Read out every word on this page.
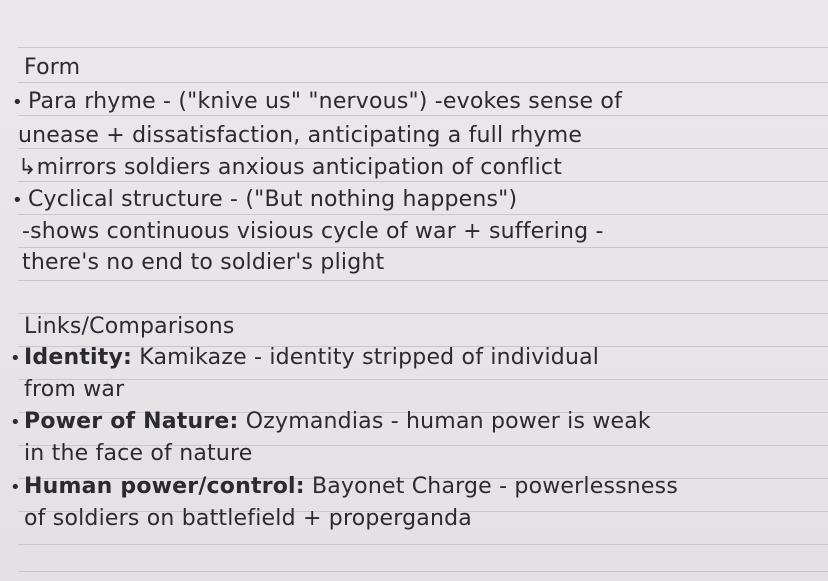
Form
• Para rhyme - ("knive us" "nervous") -evokes sense of
unease + dissatisfaction, anticipating a full rhyme
↳mirrors soldiers anxious anticipation of conflict
• Cyclical structure - ("But nothing happens")
-shows continuous visious cycle of war + suffering -
there's no end to soldier's plight
Links/Comparisons
• Identity: Kamikaze - identity stripped of individual
from war
• Power of Nature: Ozymandias - human power is weak
in the face of nature
• Human power/control: Bayonet Charge - powerlessness
of soldiers on battlefield + properganda
